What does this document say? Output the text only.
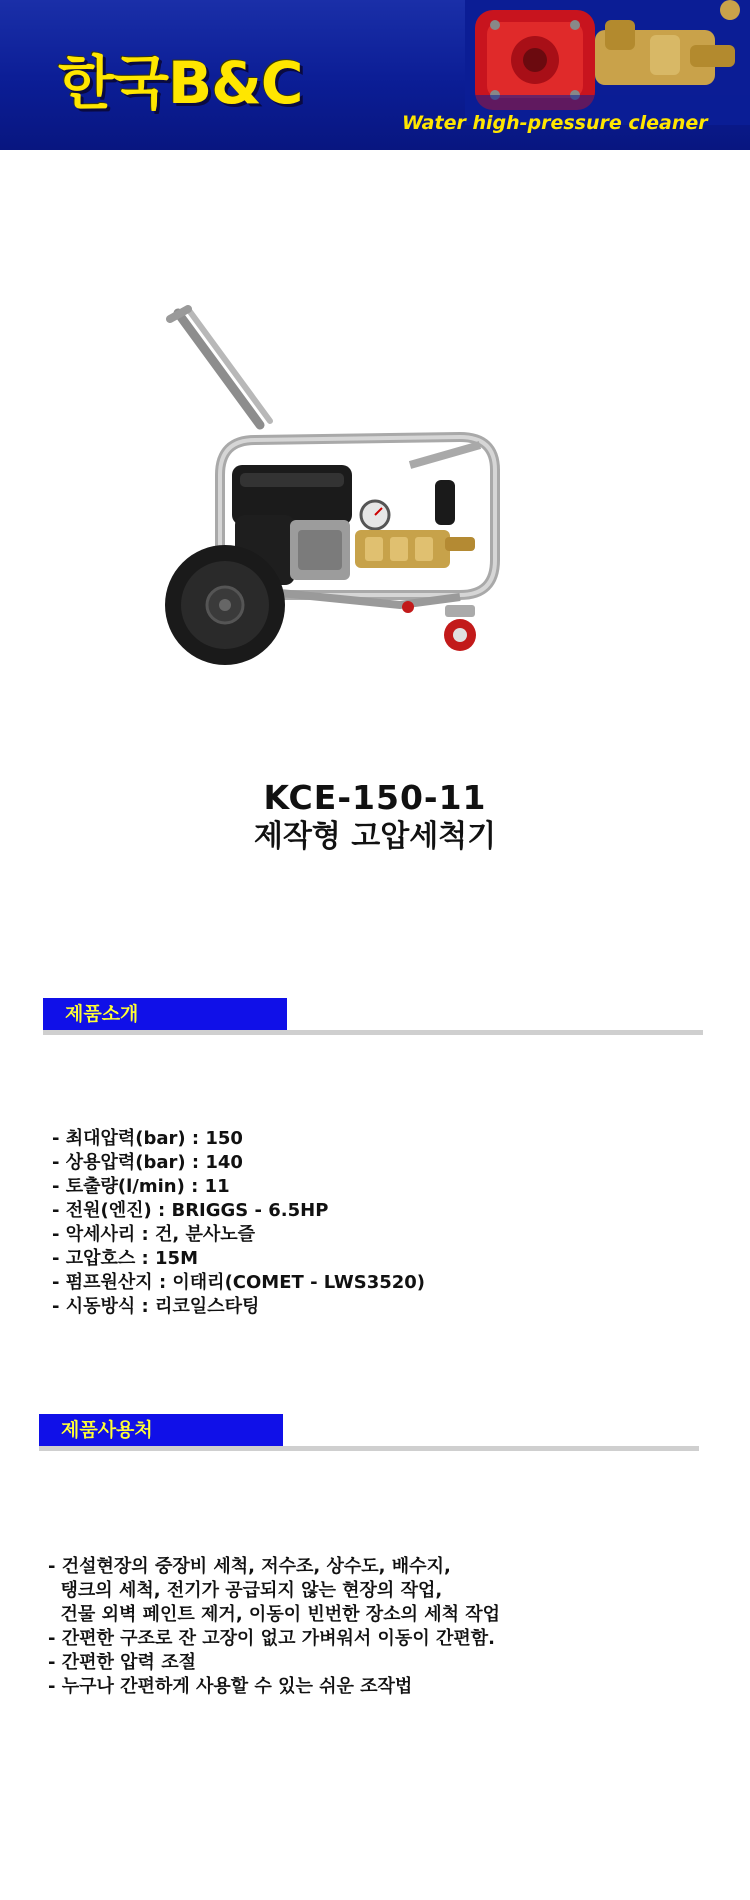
한국B&C
Water high-pressure cleaner
KCE-150-11
제작형 고압세척기
제품소개
- 최대압력(bar) : 150
- 상용압력(bar) : 140
- 토출량(l/min) : 11
- 전원(엔진) : BRIGGS - 6.5HP
- 악세사리 : 건, 분사노즐
- 고압호스 : 15M
- 펌프원산지 : 이태리(COMET - LWS3520)
- 시동방식 : 리코일스타팅
제품사용처
- 건설현장의 중장비 세척, 저수조, 상수도, 배수지,
탱크의 세척, 전기가 공급되지 않는 현장의 작업,
건물 외벽 페인트 제거, 이동이 빈번한 장소의 세척 작업
- 간편한 구조로 잔 고장이 없고 가벼워서 이동이 간편함.
- 간편한 압력 조절
- 누구나 간편하게 사용할 수 있는 쉬운 조작법
